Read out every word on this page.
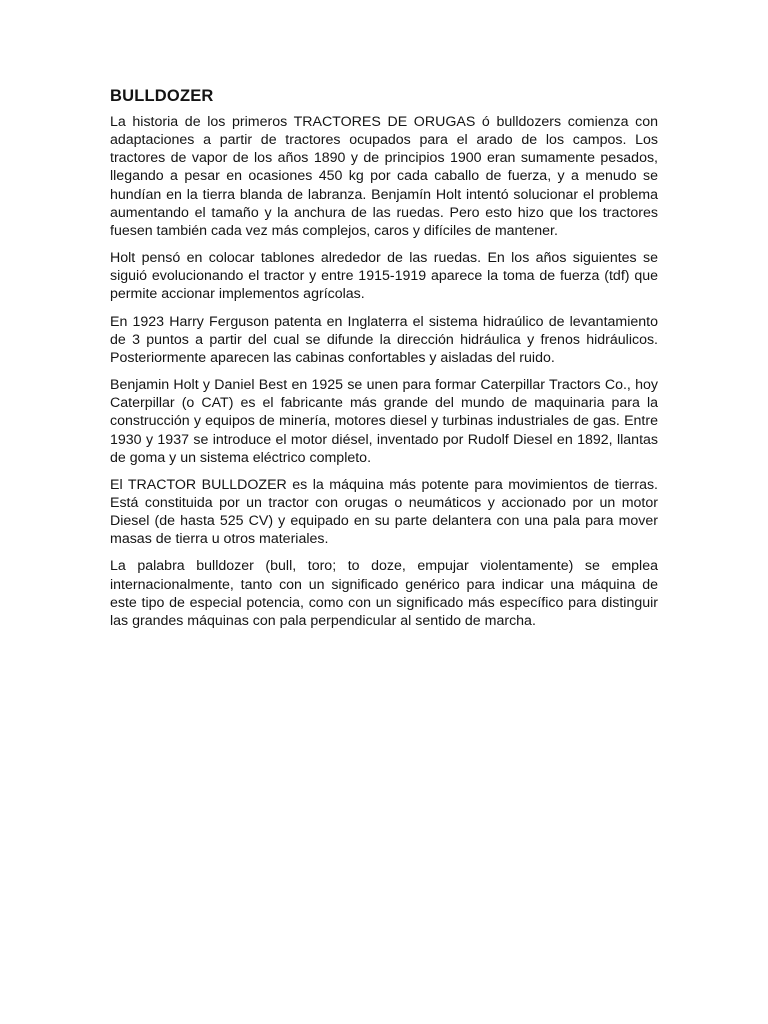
BULLDOZER

La historia de los primeros TRACTORES DE ORUGAS ó bulldozers comienza con adaptaciones a partir de tractores ocupados para el arado de los campos. Los tractores de vapor de los años 1890 y de principios 1900 eran sumamente pesados, llegando a pesar en ocasiones 450 kg por cada caballo de fuerza, y a menudo se hundían en la tierra blanda de labranza. Benjamín Holt intentó solucionar el problema aumentando el tamaño y la anchura de las ruedas. Pero esto hizo que los tractores fuesen también cada vez más complejos, caros y difíciles de mantener.

Holt pensó en colocar tablones alrededor de las ruedas. En los años siguientes se siguió evolucionando el tractor y entre 1915-1919 aparece la toma de fuerza (tdf) que permite accionar implementos agrícolas.

En 1923 Harry Ferguson patenta en Inglaterra el sistema hidraúlico de levantamiento de 3 puntos a partir del cual se difunde la dirección hidráulica y frenos hidráulicos. Posteriormente aparecen las cabinas confortables y aisladas del ruido.

Benjamin Holt y Daniel Best en 1925 se unen para formar Caterpillar Tractors Co., hoy Caterpillar (o CAT) es el fabricante más grande del mundo de maquinaria para la construcción y equipos de minería, motores diesel y turbinas industriales de gas. Entre 1930 y 1937 se introduce el motor diésel, inventado por Rudolf Diesel en 1892, llantas de goma y un sistema eléctrico completo.

El TRACTOR BULLDOZER es la máquina más potente para movimientos de tierras. Está constituida por un tractor con orugas o neumáticos y accionado por un motor Diesel (de hasta 525 CV) y equipado en su parte delantera con una pala para mover masas de tierra u otros materiales.

La palabra bulldozer (bull, toro; to doze, empujar violentamente) se emplea internacionalmente, tanto con un significado genérico para indicar una máquina de este tipo de especial potencia, como con un significado más específico para distinguir las grandes máquinas con pala perpendicular al sentido de marcha.
